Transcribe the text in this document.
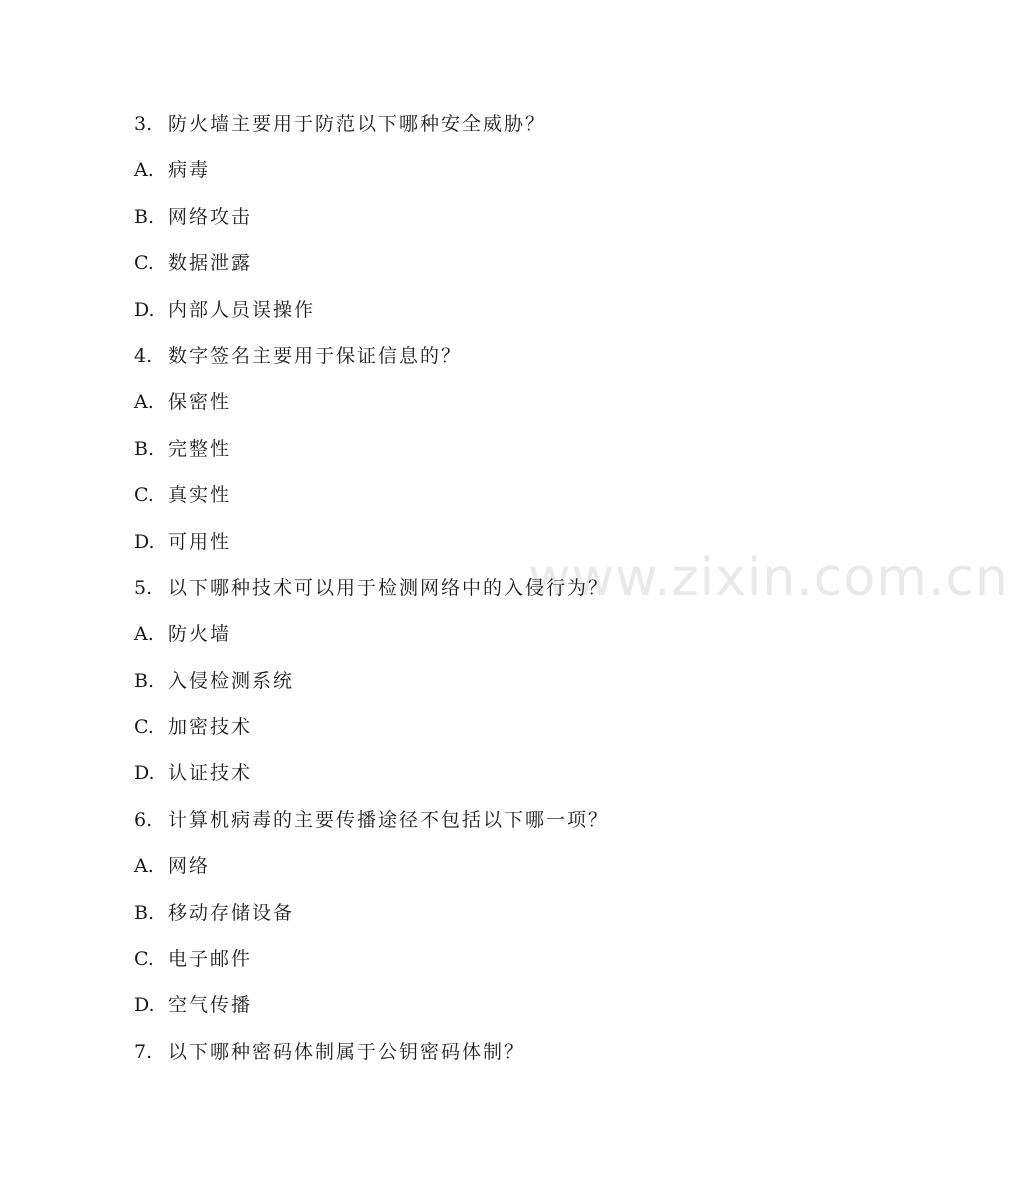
www.zixin.com.cn
3. 防火墙主要用于防范以下哪种安全威胁？
A. 病毒
B. 网络攻击
C. 数据泄露
D. 内部人员误操作
4. 数字签名主要用于保证信息的？
A. 保密性
B. 完整性
C. 真实性
D. 可用性
5. 以下哪种技术可以用于检测网络中的入侵行为？
A. 防火墙
B. 入侵检测系统
C. 加密技术
D. 认证技术
6. 计算机病毒的主要传播途径不包括以下哪一项？
A. 网络
B. 移动存储设备
C. 电子邮件
D. 空气传播
7. 以下哪种密码体制属于公钥密码体制？
